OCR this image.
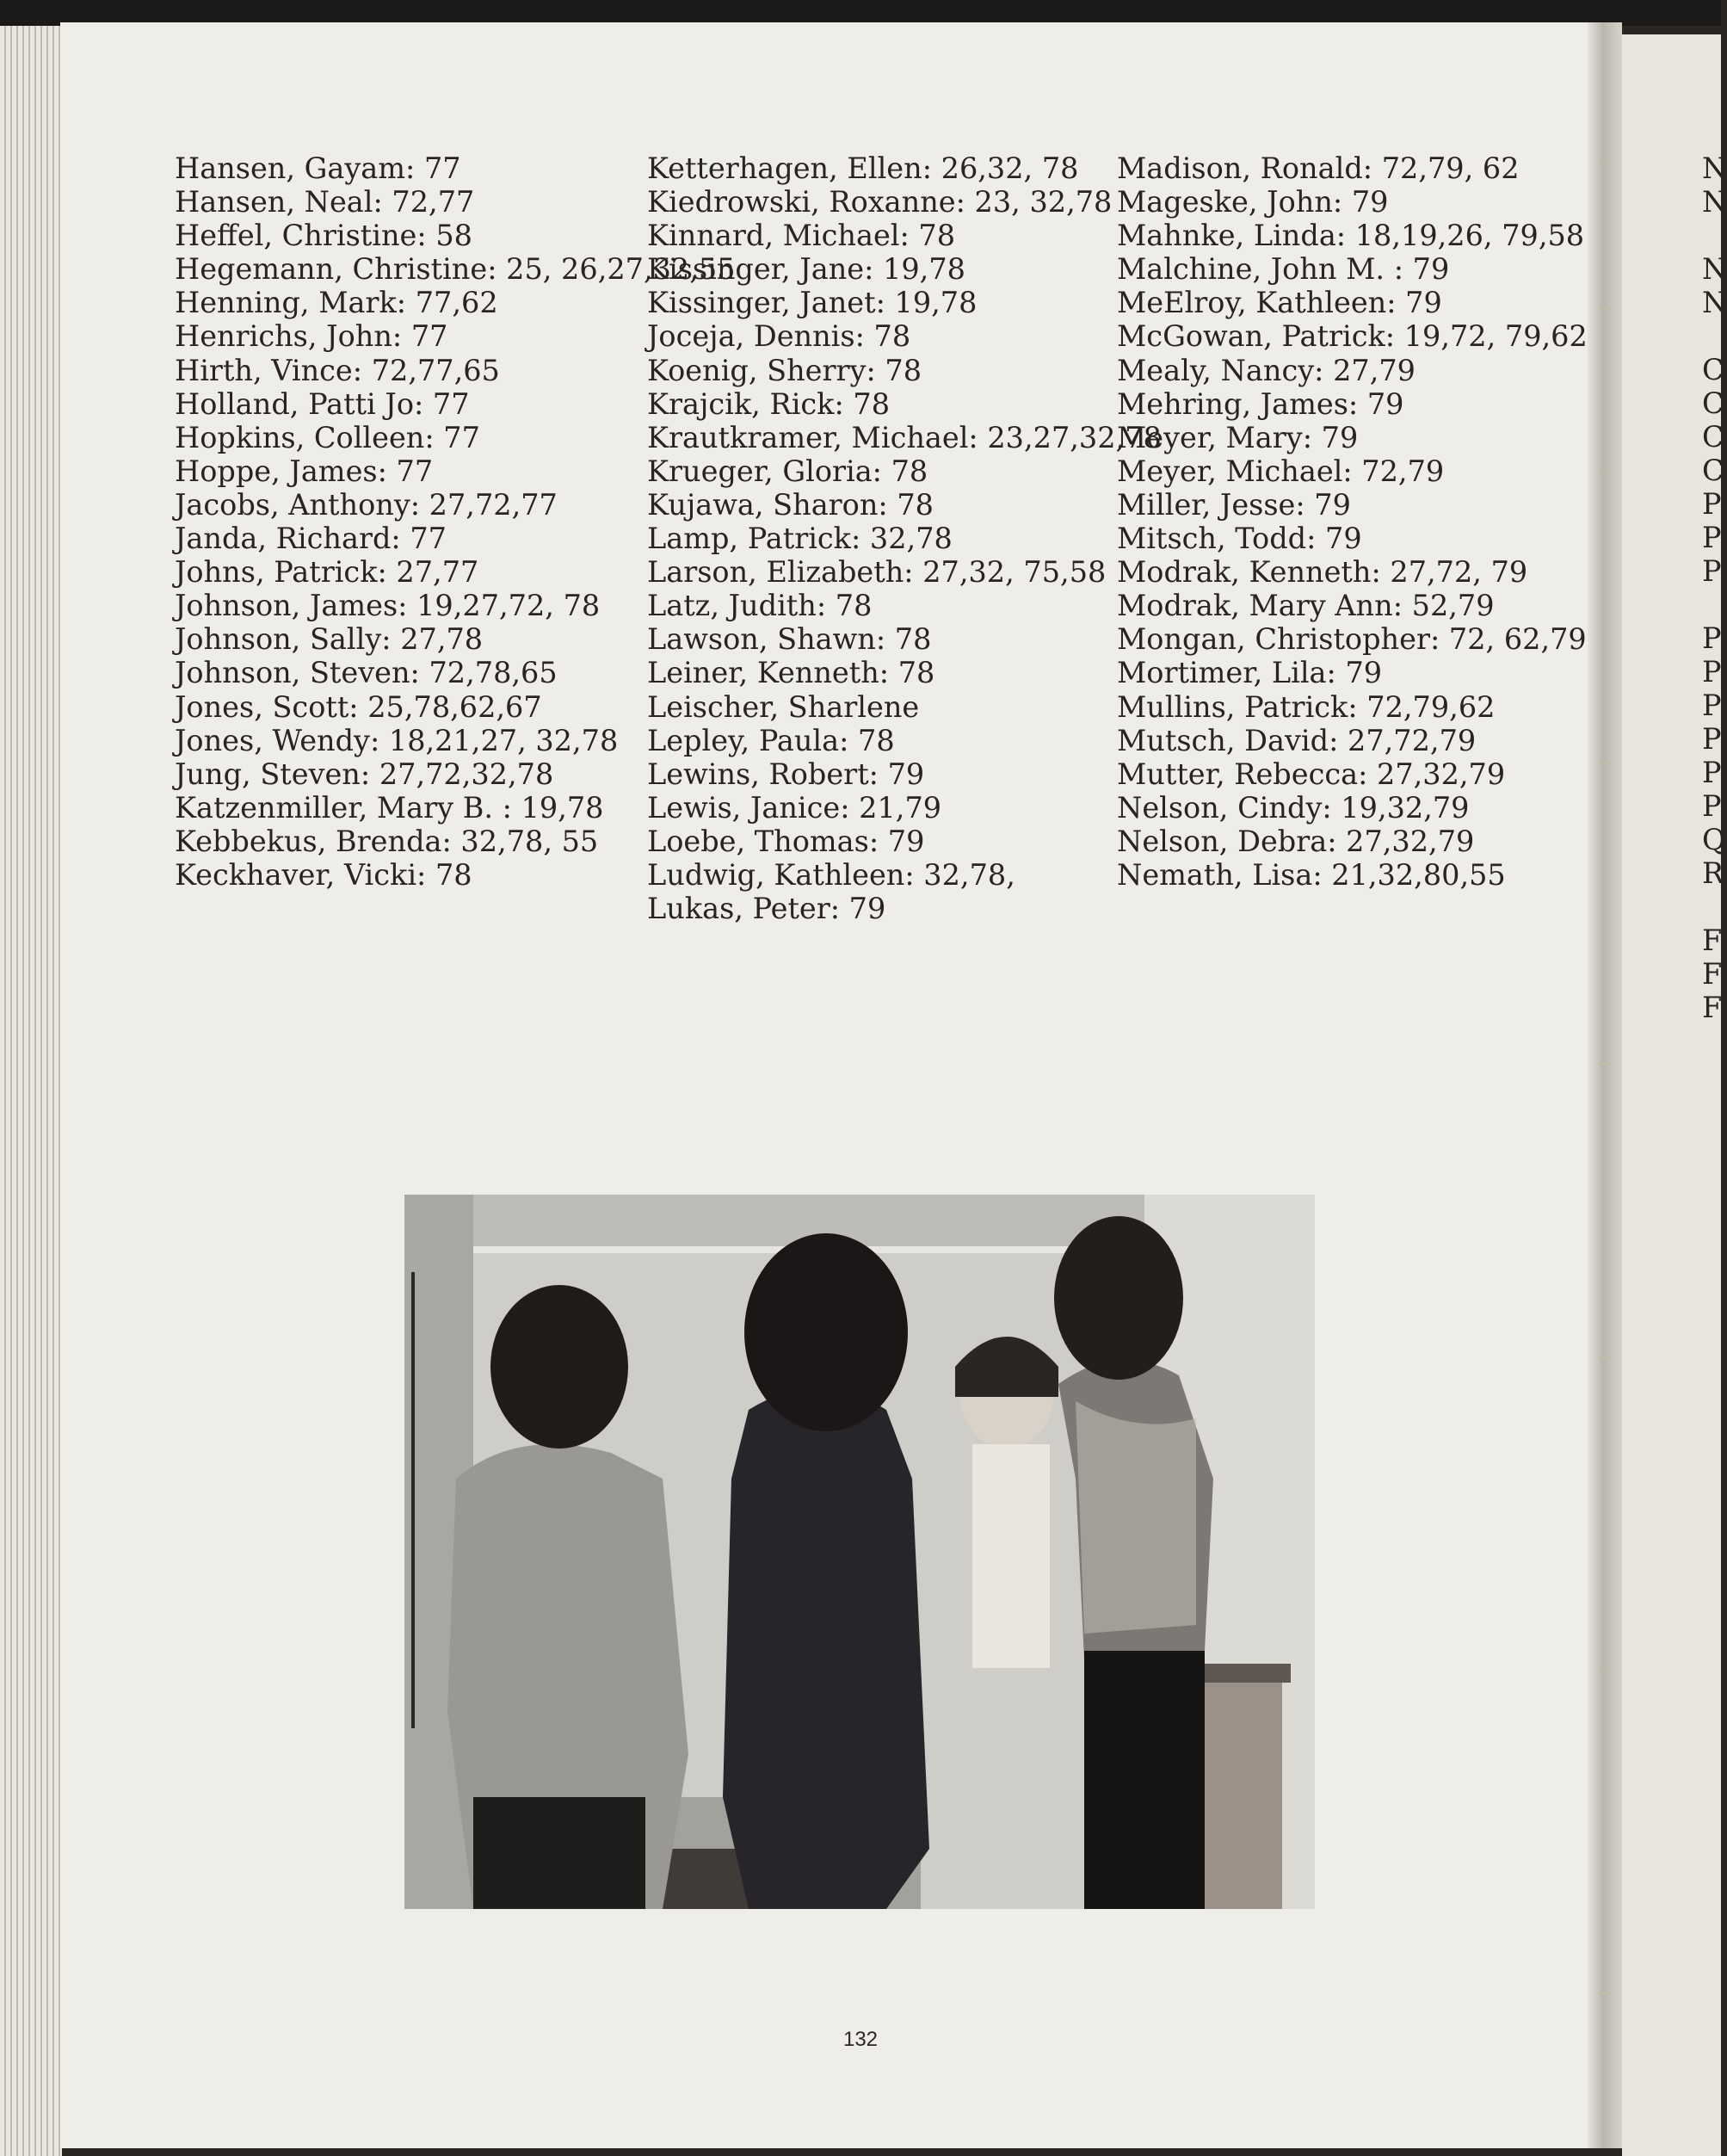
Hansen, Gayam: 77
Hansen, Neal: 72,77
Heffel, Christine: 58
Hegemann, Christine: 25, 26,27,32,55
Henning, Mark: 77,62
Henrichs, John: 77
Hirth, Vince: 72,77,65
Holland, Patti Jo: 77
Hopkins, Colleen: 77
Hoppe, James: 77
Jacobs, Anthony: 27,72,77
Janda, Richard: 77
Johns, Patrick: 27,77
Johnson, James: 19,27,72, 78
Johnson, Sally: 27,78
Johnson, Steven: 72,78,65
Jones, Scott: 25,78,62,67
Jones, Wendy: 18,21,27, 32,78
Jung, Steven: 27,72,32,78
Katzenmiller, Mary B. : 19,78
Kebbekus, Brenda: 32,78, 55
Keckhaver, Vicki: 78
Ketterhagen, Ellen: 26,32, 78
Kiedrowski, Roxanne: 23, 32,78
Kinnard, Michael: 78
Kissinger, Jane: 19,78
Kissinger, Janet: 19,78
Joceja, Dennis: 78
Koenig, Sherry: 78
Krajcik, Rick: 78
Krautkramer, Michael: 23,27,32,78
Krueger, Gloria: 78
Kujawa, Sharon: 78
Lamp, Patrick: 32,78
Larson, Elizabeth: 27,32, 75,58
Latz, Judith: 78
Lawson, Shawn: 78
Leiner, Kenneth: 78
Leischer, Sharlene
Lepley, Paula: 78
Lewins, Robert: 79
Lewis, Janice: 21,79
Loebe, Thomas: 79
Ludwig, Kathleen: 32,78,
Lukas, Peter: 79
Madison, Ronald: 72,79, 62
Mageske, John: 79
Mahnke, Linda: 18,19,26, 79,58
Malchine, John M. : 79
MeElroy, Kathleen: 79
McGowan, Patrick: 19,72, 79,62
Mealy, Nancy: 27,79
Mehring, James: 79
Meyer, Mary: 79
Meyer, Michael: 72,79
Miller, Jesse: 79
Mitsch, Todd: 79
Modrak, Kenneth: 27,72, 79
Modrak, Mary Ann: 52,79
Mongan, Christopher: 72, 62,79
Mortimer, Lila: 79
Mullins, Patrick: 72,79,62
Mutsch, David: 27,72,79
Mutter, Rebecca: 27,32,79
Nelson, Cindy: 19,32,79
Nelson, Debra: 27,32,79
Nemath, Lisa: 21,32,80,55
N
N

N
N

C
C
C
C
P
P
P

P
P
P
P
P
P
Q
R

F
F
F
132
